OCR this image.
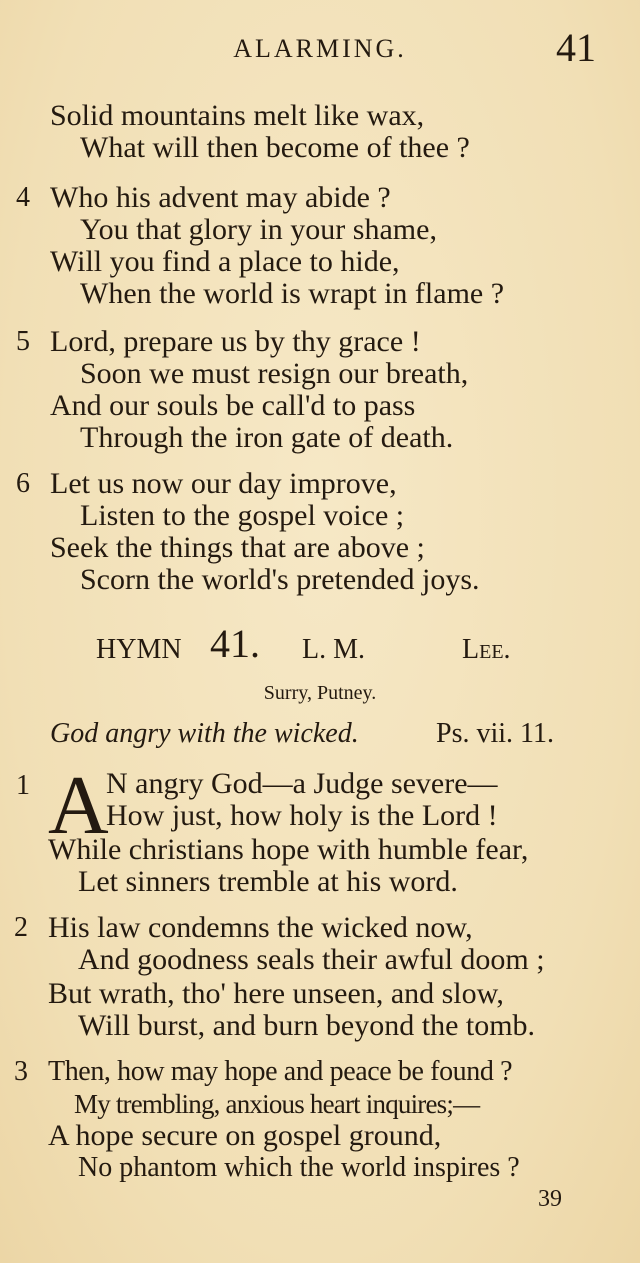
ALARMING.	41
Solid mountains melt like wax,
What will then become of thee ?
4 Who his advent may abide ?
You that glory in your shame,
Will you find a place to hide,
When the world is wrapt in flame ?
5 Lord, prepare us by thy grace !
Soon we must resign our breath,
And our souls be call'd to pass
Through the iron gate of death.
6 Let us now our day improve,
Listen to the gospel voice ;
Seek the things that are above ;
Scorn the world's pretended joys.
HYMN 41. L. M.	Lee.
Surry, Putney.
God angry with the wicked.	Ps. vii. 11.
1 A
N angry God—a Judge severe—
How just, how holy is the Lord !
While christians hope with humble fear,
Let sinners tremble at his word.
2 His law condemns the wicked now,
And goodness seals their awful doom ;
But wrath, tho' here unseen, and slow,
Will burst, and burn beyond the tomb.
3 Then, how may hope and peace be found ?
My trembling, anxious heart inquires;—
A hope secure on gospel ground,
No phantom which the world inspires ?
39
